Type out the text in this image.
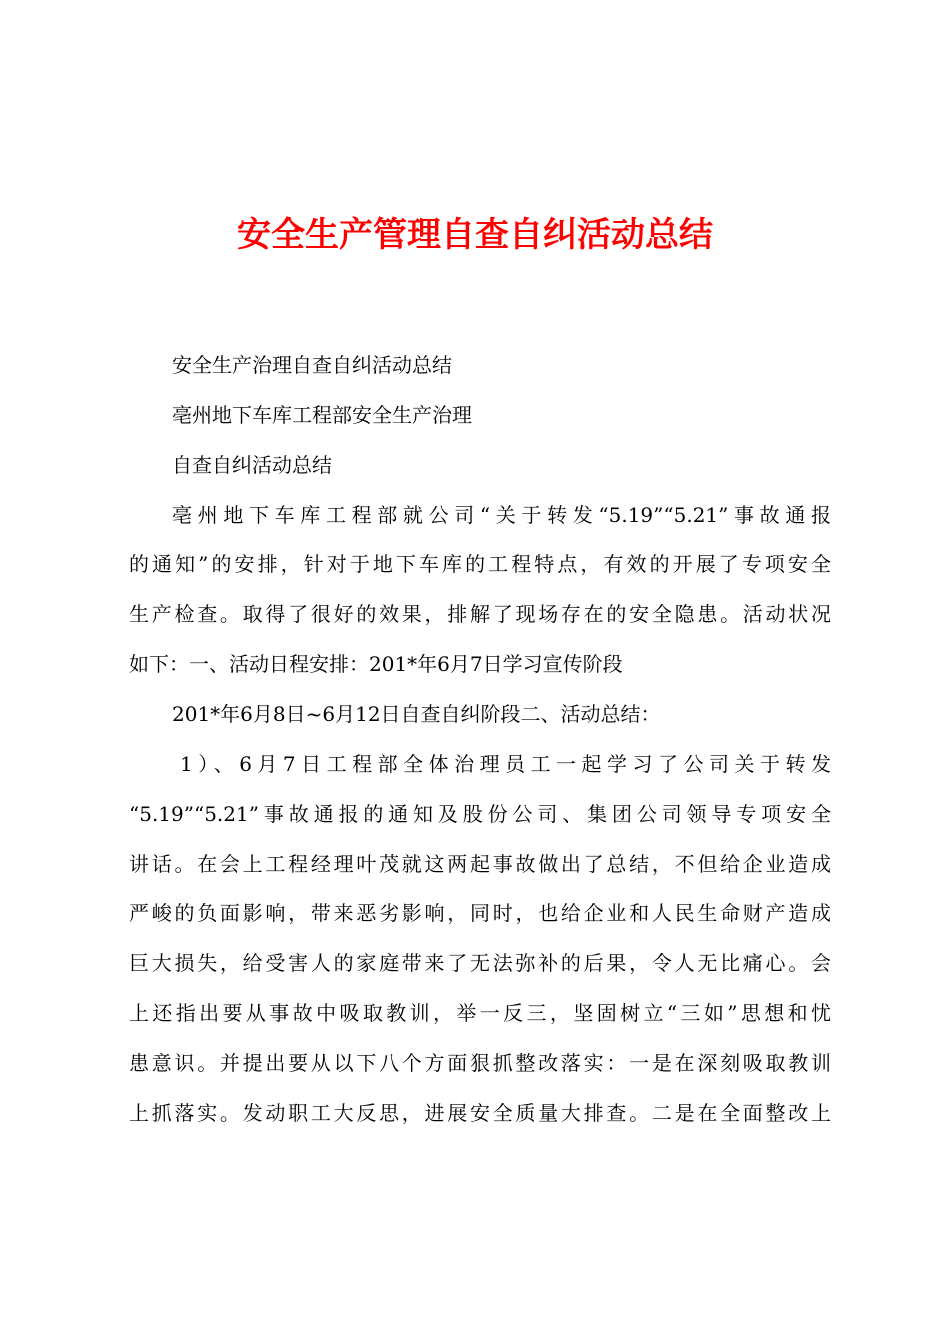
安全生产管理自查自纠活动总结
安全生产治理自查自纠活动总结
亳州地下车库工程部安全生产治理
自查自纠活动总结
亳州地下车库工程部就公司“关于转发“5.19”“5.21”事故通报
的通知”的安排，针对于地下车库的工程特点，有效的开展了专项安全
生产检查。取得了很好的效果，排解了现场存在的安全隐患。活动状况
如下：一、活动日程安排：201*年6月7日学习宣传阶段
201*年6月8日~6月12日自查自纠阶段二、活动总结：
1）、6月7日工程部全体治理员工一起学习了公司关于转发
“5.19”“5.21”事故通报的通知及股份公司、集团公司领导专项安全
讲话。在会上工程经理叶茂就这两起事故做出了总结，不但给企业造成
严峻的负面影响，带来恶劣影响，同时，也给企业和人民生命财产造成
巨大损失，给受害人的家庭带来了无法弥补的后果，令人无比痛心。会
上还指出要从事故中吸取教训，举一反三，坚固树立“三如”思想和忧
患意识。并提出要从以下八个方面狠抓整改落实：一是在深刻吸取教训
上抓落实。发动职工大反思，进展安全质量大排查。二是在全面整改上
